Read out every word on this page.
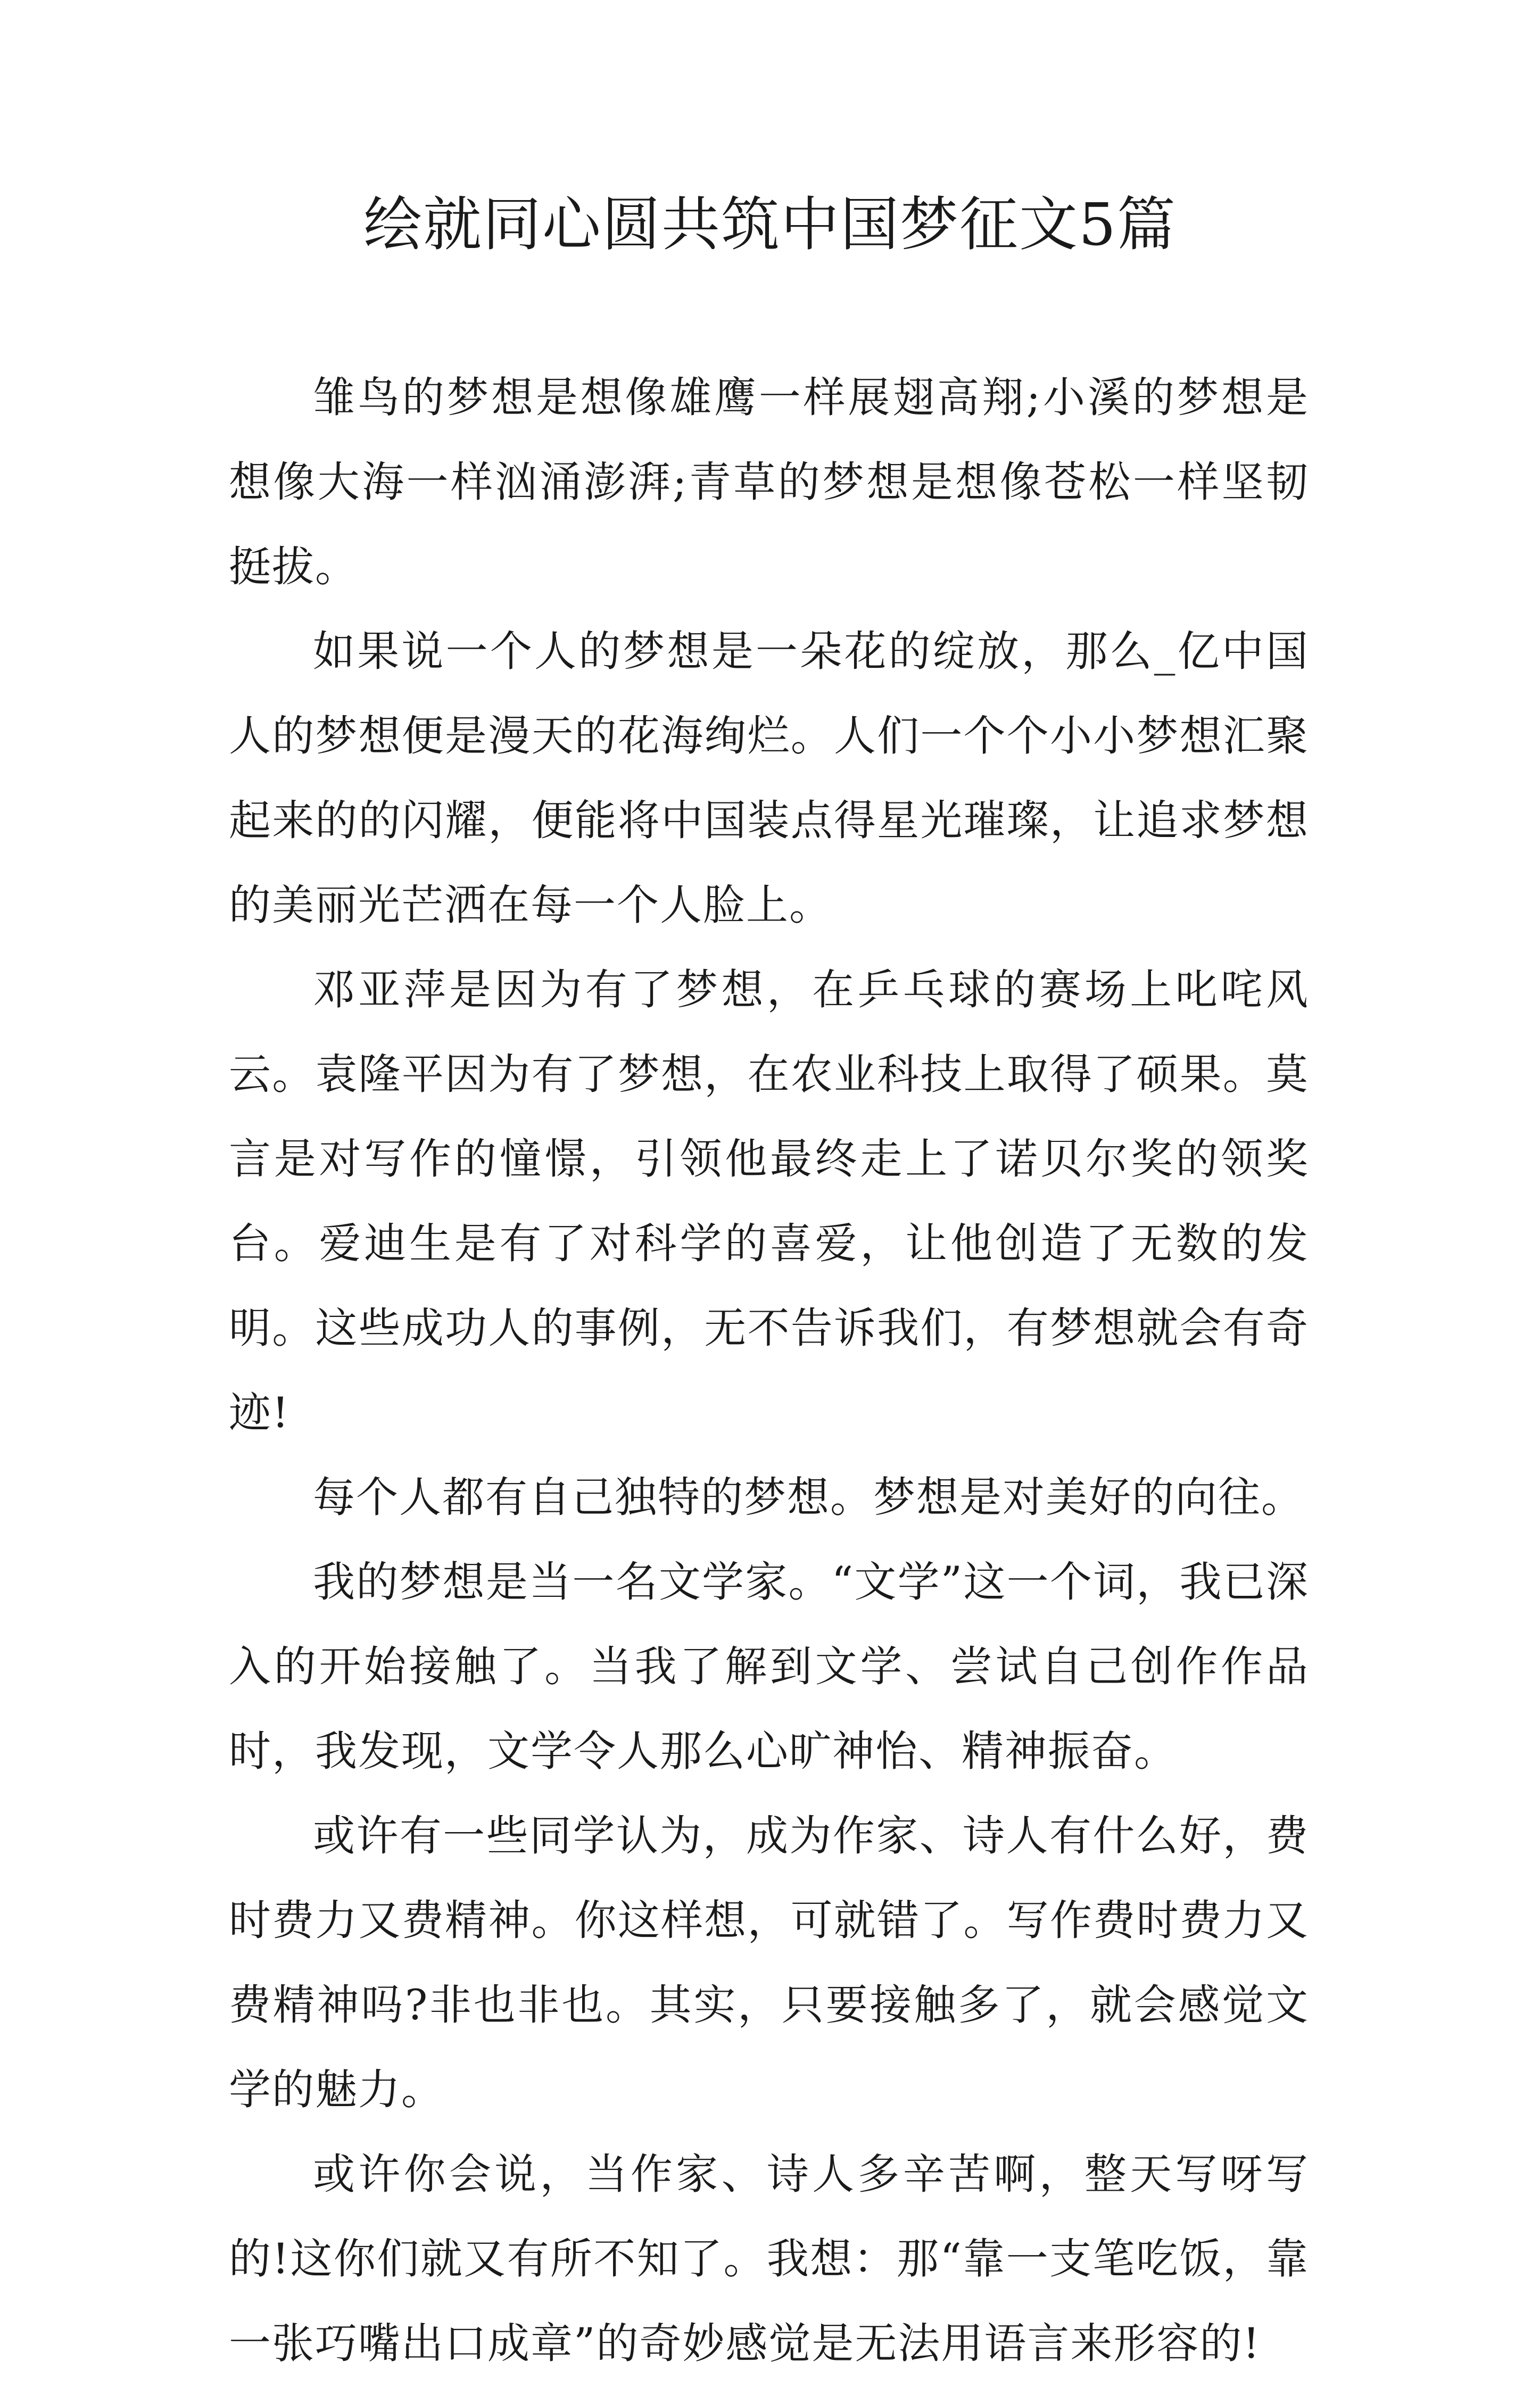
绘就同心圆共筑中国梦征文5篇

雏鸟的梦想是想像雄鹰一样展翅高翔;小溪的梦想是想像大海一样汹涌澎湃;青草的梦想是想像苍松一样坚韧挺拔。

如果说一个人的梦想是一朵花的绽放，那么_亿中国人的梦想便是漫天的花海绚烂。人们一个个小小梦想汇聚起来的的闪耀，便能将中国装点得星光璀璨，让追求梦想的美丽光芒洒在每一个人脸上。

邓亚萍是因为有了梦想，在乒乓球的赛场上叱咤风云。袁隆平因为有了梦想，在农业科技上取得了硕果。莫言是对写作的憧憬，引领他最终走上了诺贝尔奖的领奖台。爱迪生是有了对科学的喜爱，让他创造了无数的发明。这些成功人的事例，无不告诉我们，有梦想就会有奇迹!

每个人都有自己独特的梦想。梦想是对美好的向往。

我的梦想是当一名文学家。“文学”这一个词，我已深入的开始接触了。当我了解到文学、尝试自己创作作品时，我发现，文学令人那么心旷神怡、精神振奋。

或许有一些同学认为，成为作家、诗人有什么好，费时费力又费精神。你这样想，可就错了。写作费时费力又费精神吗?非也非也。其实，只要接触多了，就会感觉文学的魅力。

或许你会说，当作家、诗人多辛苦啊，整天写呀写的!这你们就又有所不知了。我想：那“靠一支笔吃饭，靠一张巧嘴出口成章”的奇妙感觉是无法用语言来形容的!
